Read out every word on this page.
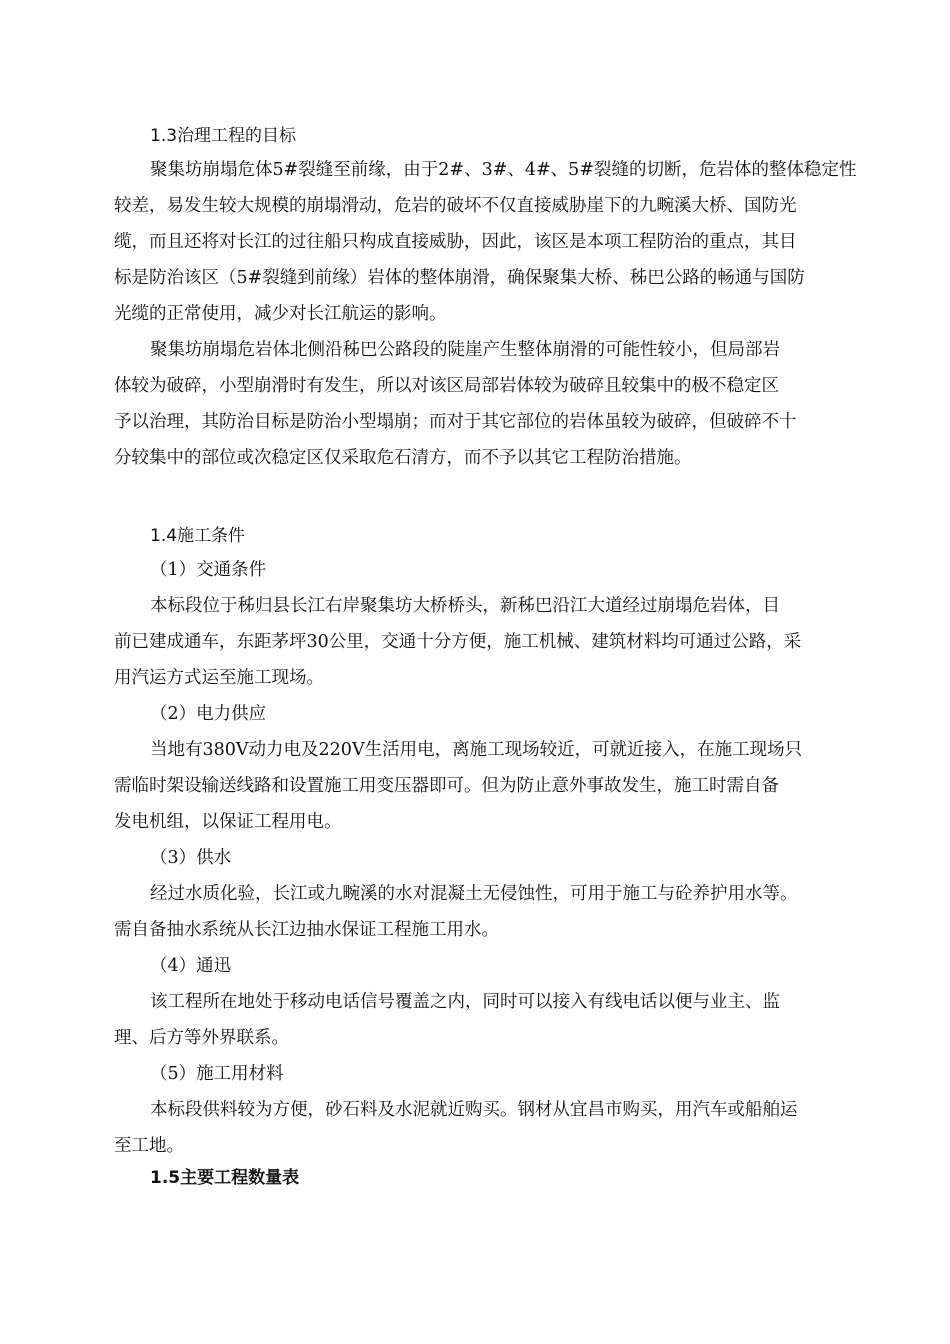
1.3治理工程的目标
聚集坊崩塌危体5#裂缝至前缘，由于2#、3#、4#、5#裂缝的切断，危岩体的整体稳定性
较差，易发生较大规模的崩塌滑动，危岩的破坏不仅直接威胁崖下的九畹溪大桥、国防光
缆，而且还将对长江的过往船只构成直接威胁，因此，该区是本项工程防治的重点，其目
标是防治该区（5#裂缝到前缘）岩体的整体崩滑，确保聚集大桥、秭巴公路的畅通与国防
光缆的正常使用，减少对长江航运的影响。
聚集坊崩塌危岩体北侧沿秭巴公路段的陡崖产生整体崩滑的可能性较小，但局部岩
体较为破碎，小型崩滑时有发生，所以对该区局部岩体较为破碎且较集中的极不稳定区
予以治理，其防治目标是防治小型塌崩；而对于其它部位的岩体虽较为破碎，但破碎不十
分较集中的部位或次稳定区仅采取危石清方，而不予以其它工程防治措施。
1.4施工条件
（1）交通条件
本标段位于秭归县长江右岸聚集坊大桥桥头，新秭巴沿江大道经过崩塌危岩体，目
前已建成通车，东距茅坪30公里，交通十分方便，施工机械、建筑材料均可通过公路，采
用汽运方式运至施工现场。
（2）电力供应
当地有380V动力电及220V生活用电，离施工现场较近，可就近接入，在施工现场只
需临时架设输送线路和设置施工用变压器即可。但为防止意外事故发生，施工时需自备
发电机组，以保证工程用电。
（3）供水
经过水质化验，长江或九畹溪的水对混凝土无侵蚀性，可用于施工与砼养护用水等。
需自备抽水系统从长江边抽水保证工程施工用水。
（4）通迅
该工程所在地处于移动电话信号覆盖之内，同时可以接入有线电话以便与业主、监
理、后方等外界联系。
（5）施工用材料
本标段供料较为方便，砂石料及水泥就近购买。钢材从宜昌市购买，用汽车或船舶运
至工地。
1.5主要工程数量表
